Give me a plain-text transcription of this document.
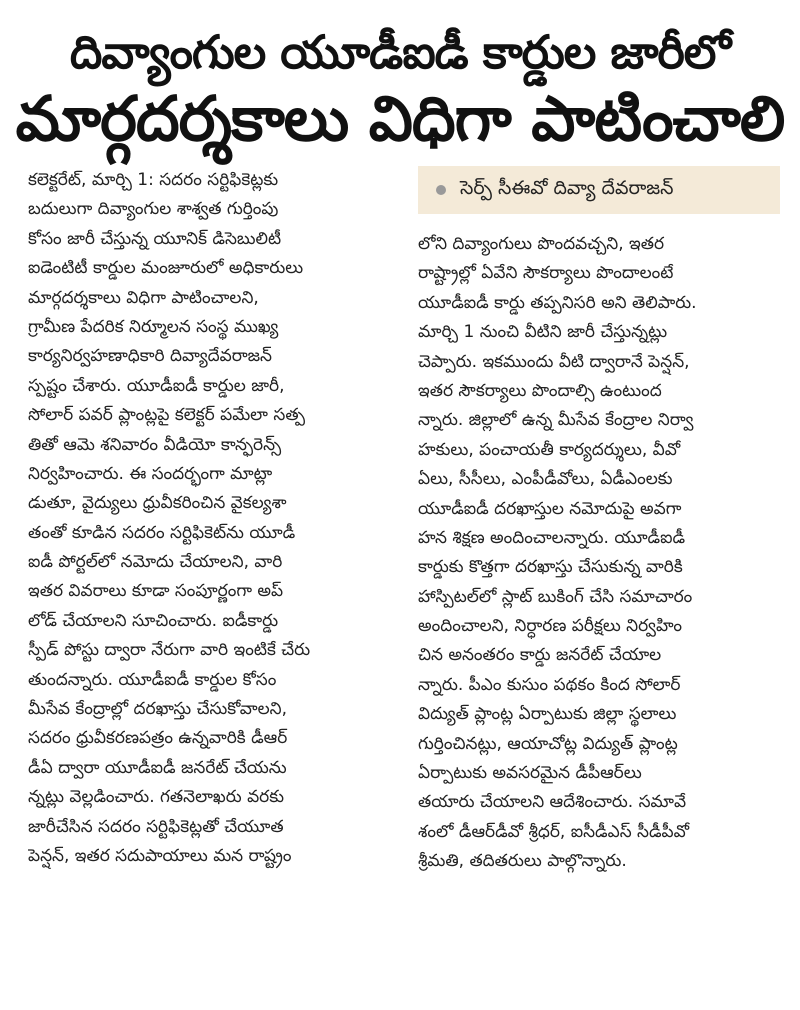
దివ్యాంగుల యూడీఐడీ కార్డుల జారీలో
మార్గదర్శకాలు విధిగా పాటించాలి
కలెక్టరేట్, మార్చి 1: సదరం సర్టిఫికెట్లకు
బదులుగా దివ్యాంగుల శాశ్వత గుర్తింపు
కోసం జారీ చేస్తున్న యూనిక్ డిసెబులిటీ
ఐడెంటిటీ కార్డుల మంజూరులో అధికారులు
మార్గదర్శకాలు విధిగా పాటించాలని,
గ్రామీణ పేదరిక నిర్మూలన సంస్థ ముఖ్య
కార్యనిర్వహణాధికారి దివ్యాదేవరాజన్
స్పష్టం చేశారు. యూడీఐడీ కార్డుల జారీ,
సోలార్ పవర్ ప్లాంట్లపై కలెక్టర్ పమేలా సత్ప
తితో ఆమె శనివారం వీడియో కాన్ఫరెన్స్
నిర్వహించారు. ఈ సందర్భంగా మాట్లా
డుతూ, వైద్యులు ధ్రువీకరించిన వైకల్యశా
తంతో కూడిన సదరం సర్టిఫికెట్‌ను యూడీ
ఐడీ పోర్టల్‌లో నమోదు చేయాలని, వారి
ఇతర వివరాలు కూడా సంపూర్ణంగా అప్
లోడ్ చేయాలని సూచించారు. ఐడీకార్డు
స్పీడ్ పోస్టు ద్వారా నేరుగా వారి ఇంటికే చేరు
తుందన్నారు. యూడీఐడీ కార్డుల కోసం
మీసేవ కేంద్రాల్లో దరఖాస్తు చేసుకోవాలని,
సదరం ధ్రువీకరణపత్రం ఉన్నవారికి డీఆర్
డీఏ ద్వారా యూడీఐడీ జనరేట్ చేయను
న్నట్లు వెల్లడించారు. గతనెలాఖరు వరకు
జారీచేసిన సదరం సర్టిఫికెట్లతో చేయూత
పెన్షన్, ఇతర సదుపాయాలు మన రాష్ట్రం
సెర్ప్ సీఈవో దివ్యా దేవరాజన్
లోని దివ్యాంగులు పొందవచ్చని, ఇతర
రాష్ట్రాల్లో ఏవేని సౌకర్యాలు పొందాలంటే
యూడీఐడీ కార్డు తప్పనిసరి అని తెలిపారు.
మార్చి 1 నుంచి వీటిని జారీ చేస్తున్నట్లు
చెప్పారు. ఇకముందు వీటి ద్వారానే పెన్షన్,
ఇతర సౌకర్యాలు పొందాల్సి ఉంటుంద
న్నారు. జిల్లాలో ఉన్న మీసేవ కేంద్రాల నిర్వా
హకులు, పంచాయతీ కార్యదర్శులు, వీవో
ఏలు, సీసీలు, ఎంపీడీవోలు, ఏడీఎంలకు
యూడీఐడీ దరఖాస్తుల నమోదుపై అవగా
హన శిక్షణ అందించాలన్నారు. యూడీఐడీ
కార్డుకు కొత్తగా దరఖాస్తు చేసుకున్న వారికి
హాస్పిటల్‌లో స్లాట్ బుకింగ్ చేసి సమాచారం
అందించాలని, నిర్ధారణ పరీక్షలు నిర్వహిం
చిన అనంతరం కార్డు జనరేట్ చేయాల
న్నారు. పీఎం కుసుం పథకం కింద సోలార్
విద్యుత్ ప్లాంట్ల ఏర్పాటుకు జిల్లా స్థలాలు
గుర్తించినట్లు, ఆయాచోట్ల విద్యుత్ ప్లాంట్ల
ఏర్పాటుకు అవసరమైన డీపీఆర్‌లు
తయారు చేయాలని ఆదేశించారు. సమావే
శంలో డీఆర్‌డీవో శ్రీధర్, ఐసీడీఎస్ సీడీపీవో
శ్రీమతి, తదితరులు పాల్గొన్నారు.
